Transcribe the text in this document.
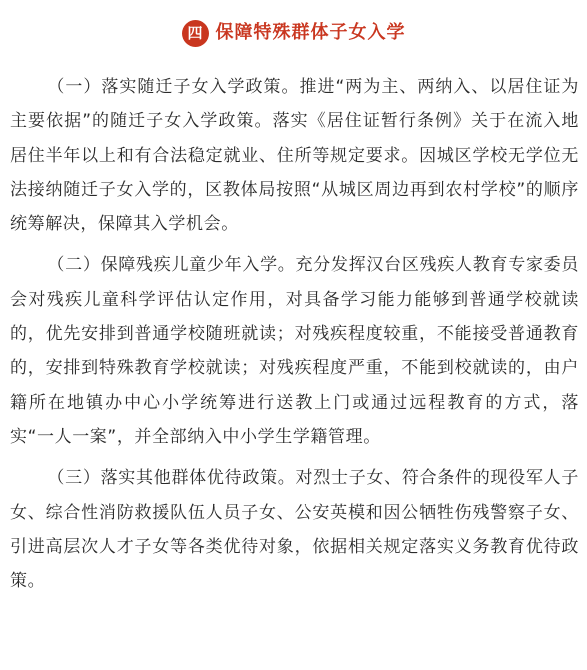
四 保障特殊群体子女入学

（一）落实随迁子女入学政策。推进“两为主、两纳入、以居住证为主要依据”的随迁子女入学政策。落实《居住证暂行条例》关于在流入地居住半年以上和有合法稳定就业、住所等规定要求。因城区学校无学位无法接纳随迁子女入学的，区教体局按照“从城区周边再到农村学校”的顺序统筹解决，保障其入学机会。

（二）保障残疾儿童少年入学。充分发挥汉台区残疾人教育专家委员会对残疾儿童科学评估认定作用，对具备学习能力能够到普通学校就读的，优先安排到普通学校随班就读；对残疾程度较重，不能接受普通教育的，安排到特殊教育学校就读；对残疾程度严重，不能到校就读的，由户籍所在地镇办中心小学统筹进行送教上门或通过远程教育的方式，落实“一人一案”，并全部纳入中小学生学籍管理。

（三）落实其他群体优待政策。对烈士子女、符合条件的现役军人子女、综合性消防救援队伍人员子女、公安英模和因公牺牲伤残警察子女、引进高层次人才子女等各类优待对象，依据相关规定落实义务教育优待政策。
